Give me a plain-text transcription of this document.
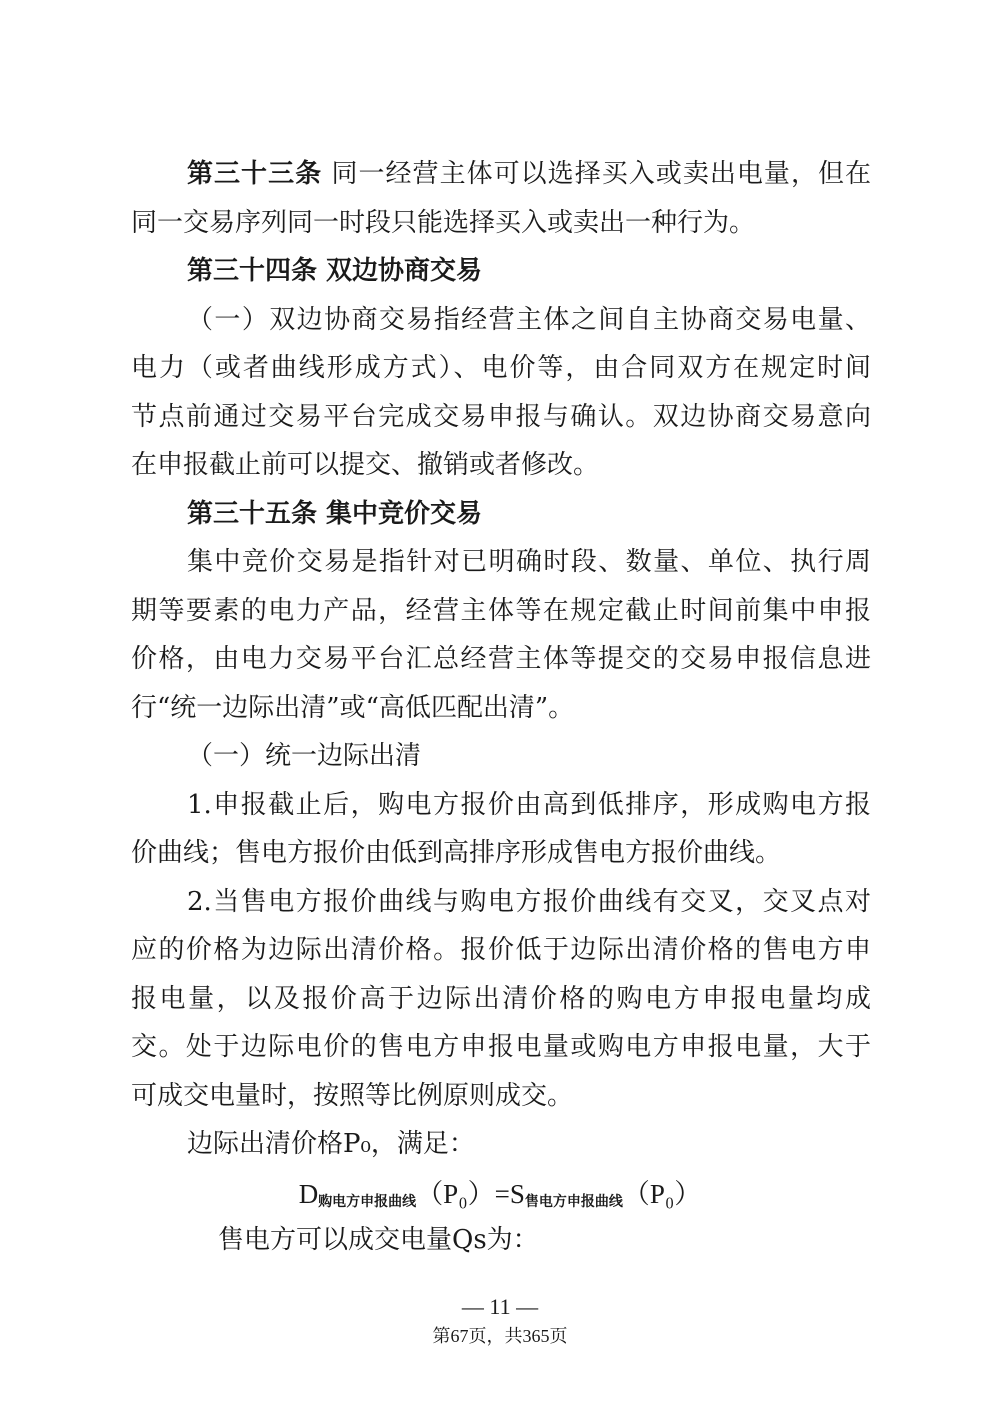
第三十三条 同一经营主体可以选择买入或卖出电量，但在
同一交易序列同一时段只能选择买入或卖出一种行为。
第三十四条 双边协商交易
（一）双边协商交易指经营主体之间自主协商交易电量、
电力（或者曲线形成方式）、电价等，由合同双方在规定时间
节点前通过交易平台完成交易申报与确认。双边协商交易意向
在申报截止前可以提交、撤销或者修改。
第三十五条 集中竞价交易
集中竞价交易是指针对已明确时段、数量、单位、执行周
期等要素的电力产品，经营主体等在规定截止时间前集中申报
价格，由电力交易平台汇总经营主体等提交的交易申报信息进
行“统一边际出清”或“高低匹配出清”。
（一）统一边际出清
1.申报截止后，购电方报价由高到低排序，形成购电方报
价曲线；售电方报价由低到高排序形成售电方报价曲线。
2.当售电方报价曲线与购电方报价曲线有交叉，交叉点对
应的价格为边际出清价格。报价低于边际出清价格的售电方申
报电量，以及报价高于边际出清价格的购电方申报电量均成
交。处于边际电价的售电方申报电量或购电方申报电量，大于
可成交电量时，按照等比例原则成交。
边际出清价格P₀，满足：
$D_{购电方申报曲线}(P_0)=S_{售电方申报曲线}(P_0)$
售电方可以成交电量Qs为：
— 11 —
第67页，共365页
